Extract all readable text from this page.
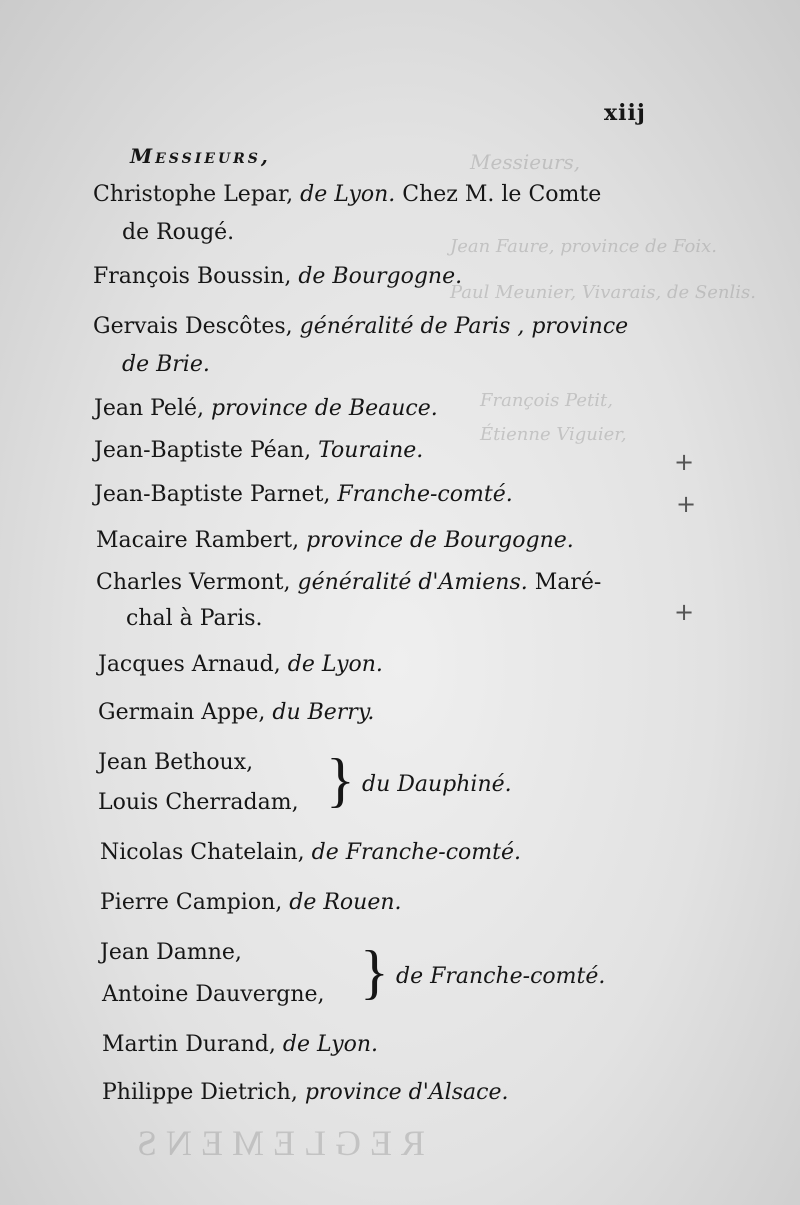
Messieurs,
Jean Faure, province de Foix.
Paul Meunier, Vivarais, de Senlis.
François Petit,
Étienne Viguier,
REGLEMENS
xiij
Messieurs,
Christophe Lepar, de Lyon. Chez M. le Comte
de Rougé.
François Boussin, de Bourgogne.
Gervais Descôtes, généralité de Paris , province
de Brie.
Jean Pelé, province de Beauce.
Jean-Baptiste Péan, Touraine.
Jean-Baptiste Parnet, Franche-comté.
Macaire Rambert, province de Bourgogne.
Charles Vermont, généralité d'Amiens. Maré-
chal à Paris.
Jacques Arnaud, de Lyon.
Germain Appe, du Berry.
Jean Bethoux,
Louis Cherradam, } du Dauphiné.
Nicolas Chatelain, de Franche-comté.
Pierre Campion, de Rouen.
Jean Damne,
Antoine Dauvergne, } de Franche-comté.
Martin Durand, de Lyon.
Philippe Dietrich, province d'Alsace.
+
+
+
